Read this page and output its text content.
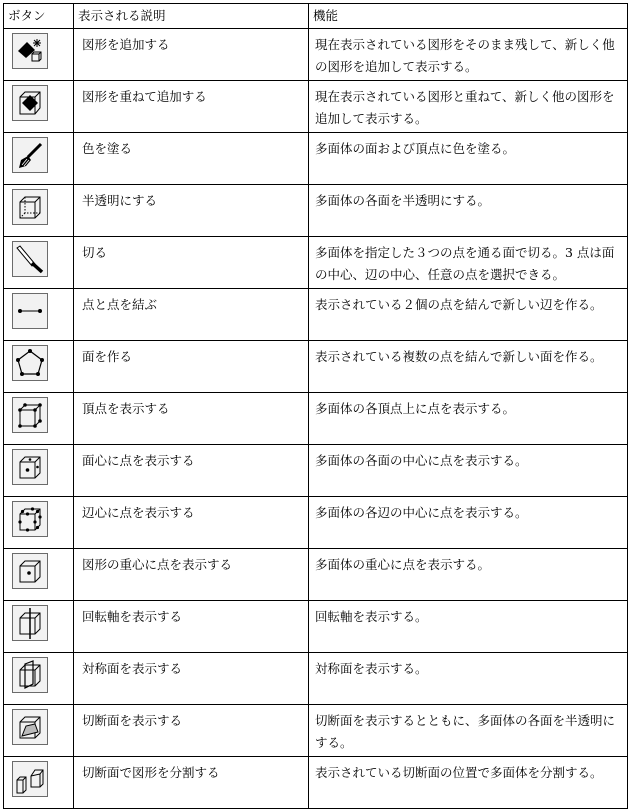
ボタン	表示される説明	機能

	図形を追加する	現在表示されている図形をそのまま残して、新しく他の図形を追加して表示する。

	図形を重ねて追加する	現在表示されている図形と重ねて、新しく他の図形を追加して表示する。

	色を塗る	多面体の面および頂点に色を塗る。

	半透明にする	多面体の各面を半透明にする。

	切る	多面体を指定した３つの点を通る面で切る。3 点は面の中心、辺の中心、任意の点を選択できる。

	点と点を結ぶ	表示されている２個の点を結んで新しい辺を作る。

	面を作る	表示されている複数の点を結んで新しい面を作る。

	頂点を表示する	多面体の各頂点上に点を表示する。

	面心に点を表示する	多面体の各面の中心に点を表示する。

	辺心に点を表示する	多面体の各辺の中心に点を表示する。

	図形の重心に点を表示する	多面体の重心に点を表示する。

	回転軸を表示する	回転軸を表示する。

	対称面を表示する	対称面を表示する。

	切断面を表示する	切断面を表示するとともに、多面体の各面を半透明にする。

	切断面で図形を分割する	表示されている切断面の位置で多面体を分割する。
